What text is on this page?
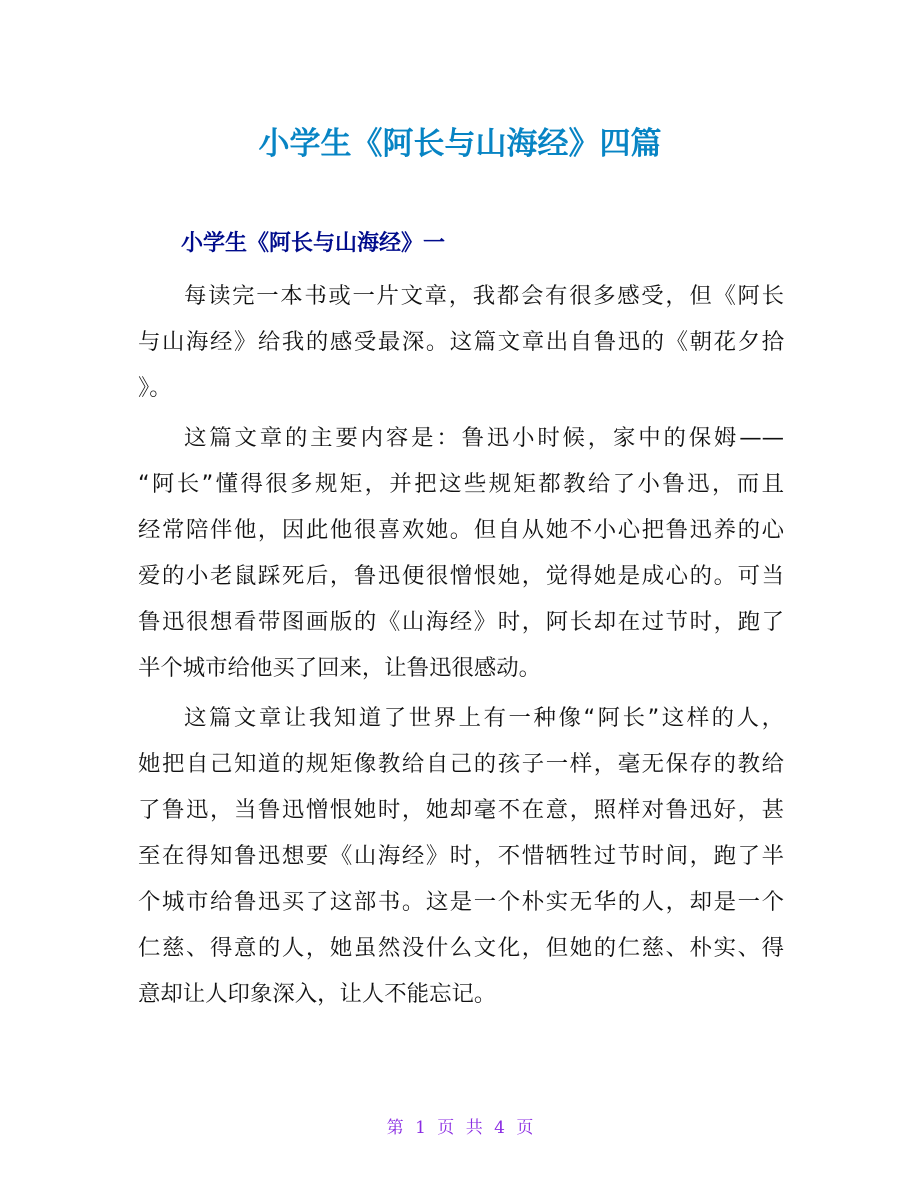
小学生《阿长与山海经》四篇
小学生《阿长与山海经》一
每读完一本书或一片文章，我都会有很多感受，但《阿长
与山海经》给我的感受最深。这篇文章出自鲁迅的《朝花夕拾
》。
这篇文章的主要内容是：鲁迅小时候，家中的保姆——
“阿长”懂得很多规矩，并把这些规矩都教给了小鲁迅，而且
经常陪伴他，因此他很喜欢她。但自从她不小心把鲁迅养的心
爱的小老鼠踩死后，鲁迅便很憎恨她，觉得她是成心的。可当
鲁迅很想看带图画版的《山海经》时，阿长却在过节时，跑了
半个城市给他买了回来，让鲁迅很感动。
这篇文章让我知道了世界上有一种像“阿长”这样的人，
她把自己知道的规矩像教给自己的孩子一样，毫无保存的教给
了鲁迅，当鲁迅憎恨她时，她却毫不在意，照样对鲁迅好，甚
至在得知鲁迅想要《山海经》时，不惜牺牲过节时间，跑了半
个城市给鲁迅买了这部书。这是一个朴实无华的人，却是一个
仁慈、得意的人，她虽然没什么文化，但她的仁慈、朴实、得
意却让人印象深入，让人不能忘记。
第 1 页 共 4 页
